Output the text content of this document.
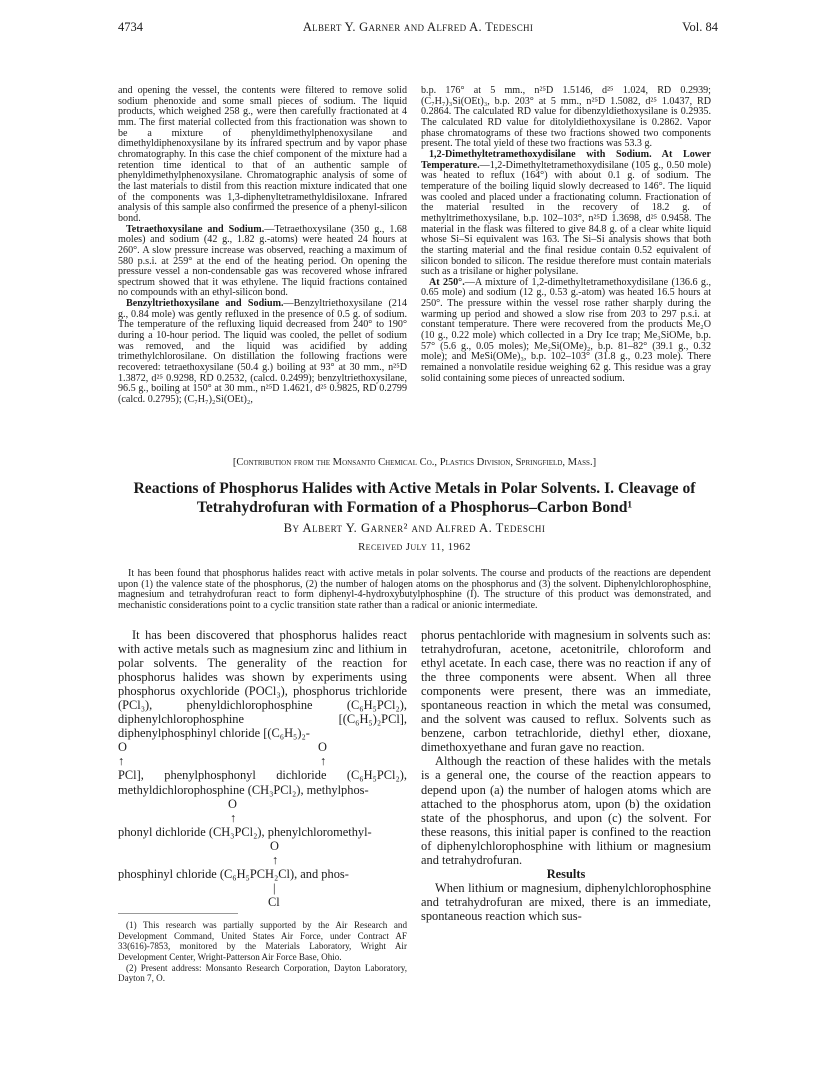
4734	Albert Y. Garner and Alfred A. Tedeschi	Vol. 84

and opening the vessel, the contents were filtered to remove solid sodium phenoxide and some small pieces of sodium. The liquid products, which weighed 258 g., were then carefully fractionated at 4 mm. The first material collected from this fractionation was shown to be a mixture of phenyldimethylphenoxysilane and dimethyldiphenoxysilane by its infrared spectrum and by vapor phase chromatography. In this case the chief component of the mixture had a retention time identical to that of an authentic sample of phenyldimethylphenoxysilane. Chromatographic analysis of some of the last materials to distil from this reaction mixture indicated that one of the components was 1,3-diphenyltetramethyldisiloxane. Infrared analysis of this sample also confirmed the presence of a phenyl-silicon bond.

Tetraethoxysilane and Sodium.—Tetraethoxysilane (350 g., 1.68 moles) and sodium (42 g., 1.82 g.-atoms) were heated 24 hours at 260°. A slow pressure increase was observed, reaching a maximum of 580 p.s.i. at 259° at the end of the heating period. On opening the pressure vessel a non-condensable gas was recovered whose infrared spectrum showed that it was ethylene. The liquid fractions contained no compounds with an ethyl-silicon bond.

Benzyltriethoxysilane and Sodium.—Benzyltriethoxysilane (214 g., 0.84 mole) was gently refluxed in the presence of 0.5 g. of sodium. The temperature of the refluxing liquid decreased from 240° to 190° during a 10-hour period. The liquid was cooled, the pellet of sodium was removed, and the liquid was acidified by adding trimethylchlorosilane. On distillation the following fractions were recovered: tetraethoxysilane (50.4 g.) boiling at 93° at 30 mm., n²⁵D 1.3872, d²⁵ 0.9298, RD 0.2532, (calcd. 0.2499); benzyltriethoxysilane, 96.5 g., boiling at 150° at 30 mm., n²⁵D 1.4621, d²⁵ 0.9825, RD 0.2799 (calcd. 0.2795); (C₇H₇)₂Si(OEt)₂,

b.p. 176° at 5 mm., n²⁵D 1.5146, d²⁵ 1.024, RD 0.2939; (C₇H₇)₃Si(OEt)₃, b.p. 203° at 5 mm., n²⁵D 1.5082, d²⁵ 1.0437, RD 0.2864. The calculated RD value for dibenzyldiethoxysilane is 0.2935. The calculated RD value for ditolyldiethoxysilane is 0.2862. Vapor phase chromatograms of these two fractions showed two components present. The total yield of these two fractions was 53.3 g.

1,2-Dimethyltetramethoxydisilane with Sodium. At Lower Temperature.—1,2-Dimethyltetramethoxydisilane (105 g., 0.50 mole) was heated to reflux (164°) with about 0.1 g. of sodium. The temperature of the boiling liquid slowly decreased to 146°. The liquid was cooled and placed under a fractionating column. Fractionation of the material resulted in the recovery of 18.2 g. of methyltrimethoxysilane, b.p. 102–103°, n²⁵D 1.3698, d²⁵ 0.9458. The material in the flask was filtered to give 84.8 g. of a clear white liquid whose Si–Si equivalent was 163. The Si–Si analysis shows that both the starting material and the final residue contain 0.52 equivalent of silicon bonded to silicon. The residue therefore must contain materials such as a trisilane or higher polysilane.

At 250°.—A mixture of 1,2-dimethyltetramethoxydisilane (136.6 g., 0.65 mole) and sodium (12 g., 0.53 g.-atom) was heated 16.5 hours at 250°. The pressure within the vessel rose rather sharply during the warming up period and showed a slow rise from 203 to 297 p.s.i. at constant temperature. There were recovered from the products Me₂O (10 g., 0.22 mole) which collected in a Dry Ice trap; Me₃SiOMe, b.p. 57° (5.6 g., 0.05 moles); Me₂Si(OMe)₂, b.p. 81–82° (39.1 g., 0.32 mole); and MeSi(OMe)₃, b.p. 102–103° (31.8 g., 0.23 mole). There remained a nonvolatile residue weighing 62 g. This residue was a gray solid containing some pieces of unreacted sodium.

[Contribution from the Monsanto Chemical Co., Plastics Division, Springfield, Mass.]
Reactions of Phosphorus Halides with Active Metals in Polar Solvents. I. Cleavage of Tetrahydrofuran with Formation of a Phosphorus–Carbon Bond¹
By Albert Y. Garner² and Alfred A. Tedeschi
Received July 11, 1962

It has been found that phosphorus halides react with active metals in polar solvents. The course and products of the reactions are dependent upon (1) the valence state of the phosphorus, (2) the number of halogen atoms on the phosphorus and (3) the solvent. Diphenylchlorophosphine, magnesium and tetrahydrofuran react to form diphenyl-4-hydroxybutylphosphine (I). The structure of this product was demonstrated, and mechanistic considerations point to a cyclic transition state rather than a radical or anionic intermediate.

It has been discovered that phosphorus halides react with active metals such as magnesium zinc and lithium in polar solvents. The generality of the reaction for phosphorus halides was shown by experiments using phosphorus oxychloride (POCl₃), phosphorus trichloride (PCl₃), phenyldichlorophosphine (C₆H₅PCl₂), diphenylchlorophosphine [(C₆H₅)₂PCl], diphenylphosphinyl chloride [(C₆H₅)₂-

O	O

↑	↑

PCl], phenylphosphonyl dichloride (C₆H₅PCl₂), methyldichlorophosphine (CH₃PCl₂), methylphos-

O

↑

phonyl dichloride (CH₃PCl₂), phenylchloromethyl-

O

↑

phosphinyl chloride (C₆H₅PCH₂Cl), and phos-

|

Cl

(1) This research was partially supported by the Air Research and Development Command, United States Air Force, under Contract AF 33(616)-7853, monitored by the Materials Laboratory, Wright Air Development Center, Wright-Patterson Air Force Base, Ohio.

(2) Present address: Monsanto Research Corporation, Dayton Laboratory, Dayton 7, O.

phorus pentachloride with magnesium in solvents such as: tetrahydrofuran, acetone, acetonitrile, chloroform and ethyl acetate. In each case, there was no reaction if any of the three components were absent. When all three components were present, there was an immediate, spontaneous reaction in which the metal was consumed, and the solvent was caused to reflux. Solvents such as benzene, carbon tetrachloride, diethyl ether, dioxane, dimethoxyethane and furan gave no reaction.

Although the reaction of these halides with the metals is a general one, the course of the reaction appears to depend upon (a) the number of halogen atoms which are attached to the phosphorus atom, upon (b) the oxidation state of the phosphorus, and upon (c) the solvent. For these reasons, this initial paper is confined to the reaction of diphenylchlorophosphine with lithium or magnesium and tetrahydrofuran.

Results

When lithium or magnesium, diphenylchlorophosphine and tetrahydrofuran are mixed, there is an immediate, spontaneous reaction which sus-
